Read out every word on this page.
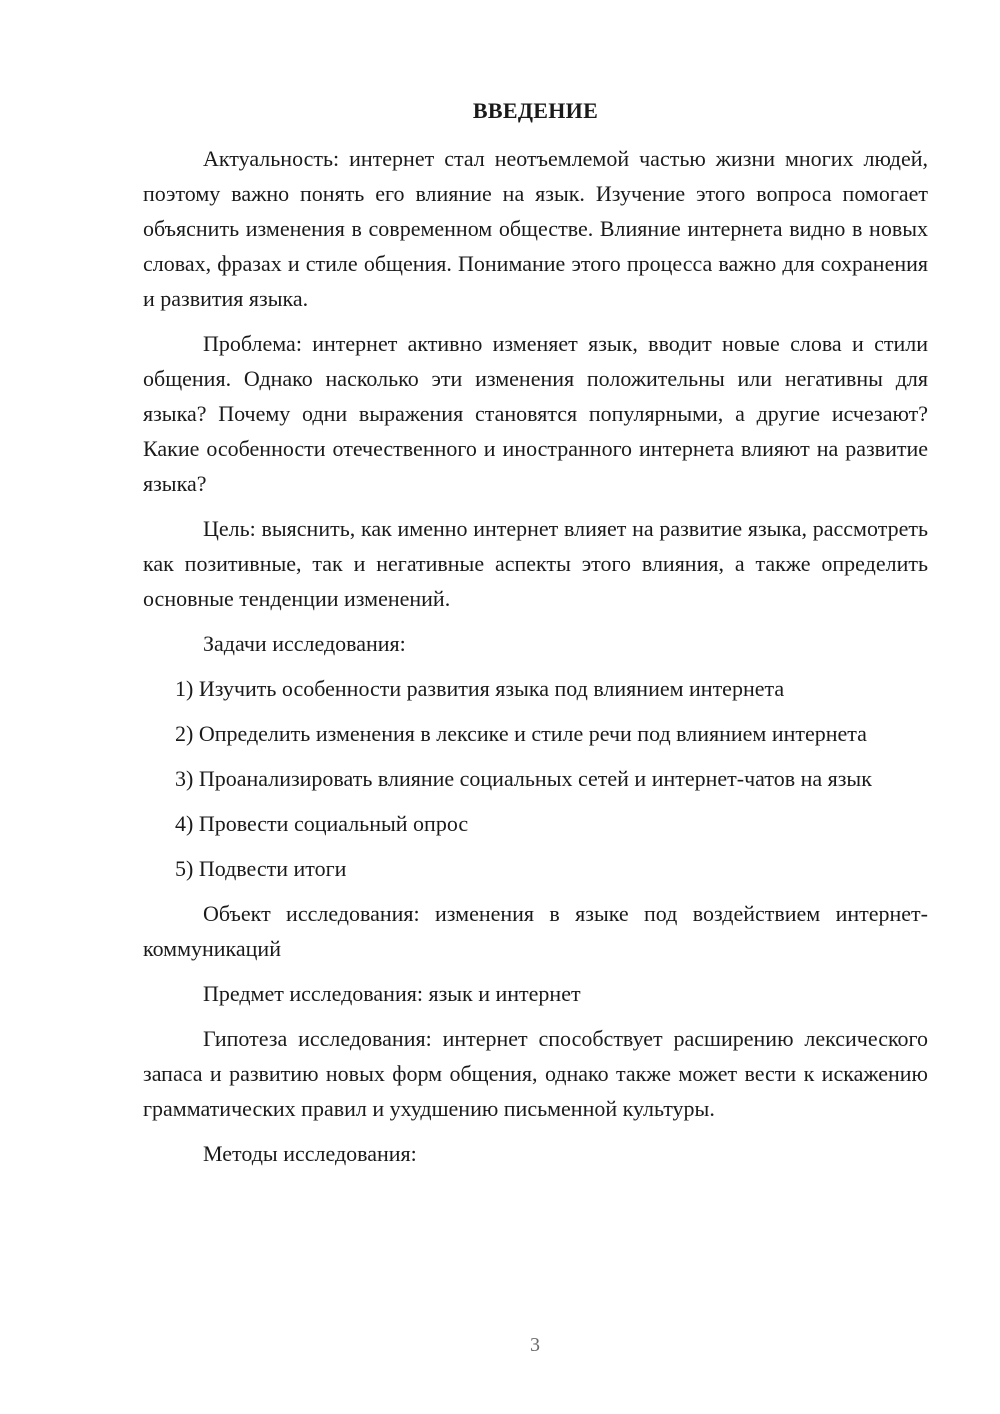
ВВЕДЕНИЕ

Актуальность: интернет стал неотъемлемой частью жизни многих людей, поэтому важно понять его влияние на язык. Изучение этого вопроса помогает объяснить изменения в современном обществе. Влияние интернета видно в новых словах, фразах и стиле общения. Понимание этого процесса важно для сохранения и развития языка.

Проблема: интернет активно изменяет язык, вводит новые слова и стили общения. Однако насколько эти изменения положительны или негативны для языка? Почему одни выражения становятся популярными, а другие исчезают? Какие особенности отечественного и иностранного интернета влияют на развитие языка?

Цель: выяснить, как именно интернет влияет на развитие языка, рассмотреть как позитивные, так и негативные аспекты этого влияния, а также определить основные тенденции изменений.

Задачи исследования:

1) Изучить особенности развития языка под влиянием интернета

2) Определить изменения в лексике и стиле речи под влиянием интернета

3) Проанализировать влияние социальных сетей и интернет-чатов на язык

4) Провести социальный опрос

5) Подвести итоги

Объект исследования: изменения в языке под воздействием интернет-коммуникаций

Предмет исследования: язык и интернет

Гипотеза исследования: интернет способствует расширению лексического запаса и развитию новых форм общения, однако также может вести к искажению грамматических правил и ухудшению письменной культуры.

Методы исследования:

3
